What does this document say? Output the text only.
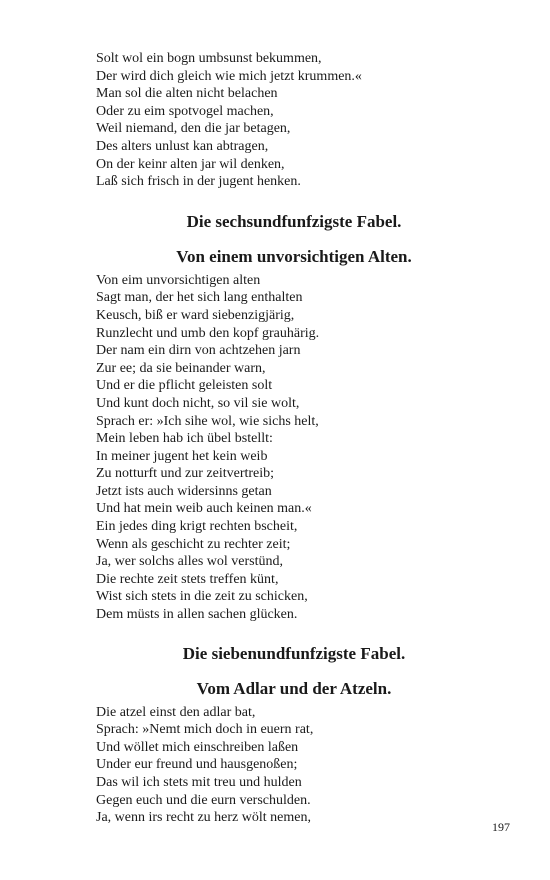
Solt wol ein bogn umbsunst bekummen,
Der wird dich gleich wie mich jetzt krummen.«
Man sol die alten nicht belachen
Oder zu eim spotvogel machen,
Weil niemand, den die jar betagen,
Des alters unlust kan abtragen,
On der keinr alten jar wil denken,
Laß sich frisch in der jugent henken.
Die sechsundfunfzigste Fabel.
Von einem unvorsichtigen Alten.
Von eim unvorsichtigen alten
Sagt man, der het sich lang enthalten
Keusch, biß er ward siebenzigjärig,
Runzlecht und umb den kopf grauhärig.
Der nam ein dirn von achtzehen jarn
Zur ee; da sie beinander warn,
Und er die pflicht geleisten solt
Und kunt doch nicht, so vil sie wolt,
Sprach er: »Ich sihe wol, wie sichs helt,
Mein leben hab ich übel bstellt:
In meiner jugent het kein weib
Zu notturft und zur zeitvertreib;
Jetzt ists auch widersinns getan
Und hat mein weib auch keinen man.«
Ein jedes ding krigt rechten bscheit,
Wenn als geschicht zu rechter zeit;
Ja, wer solchs alles wol verstünd,
Die rechte zeit stets treffen künt,
Wist sich stets in die zeit zu schicken,
Dem müsts in allen sachen glücken.
Die siebenundfunfzigste Fabel.
Vom Adlar und der Atzeln.
Die atzel einst den adlar bat,
Sprach: »Nemt mich doch in euern rat,
Und wöllet mich einschreiben laßen
Under eur freund und hausgenoßen;
Das wil ich stets mit treu und hulden
Gegen euch und die eurn verschulden.
Ja, wenn irs recht zu herz wölt nemen,
197
